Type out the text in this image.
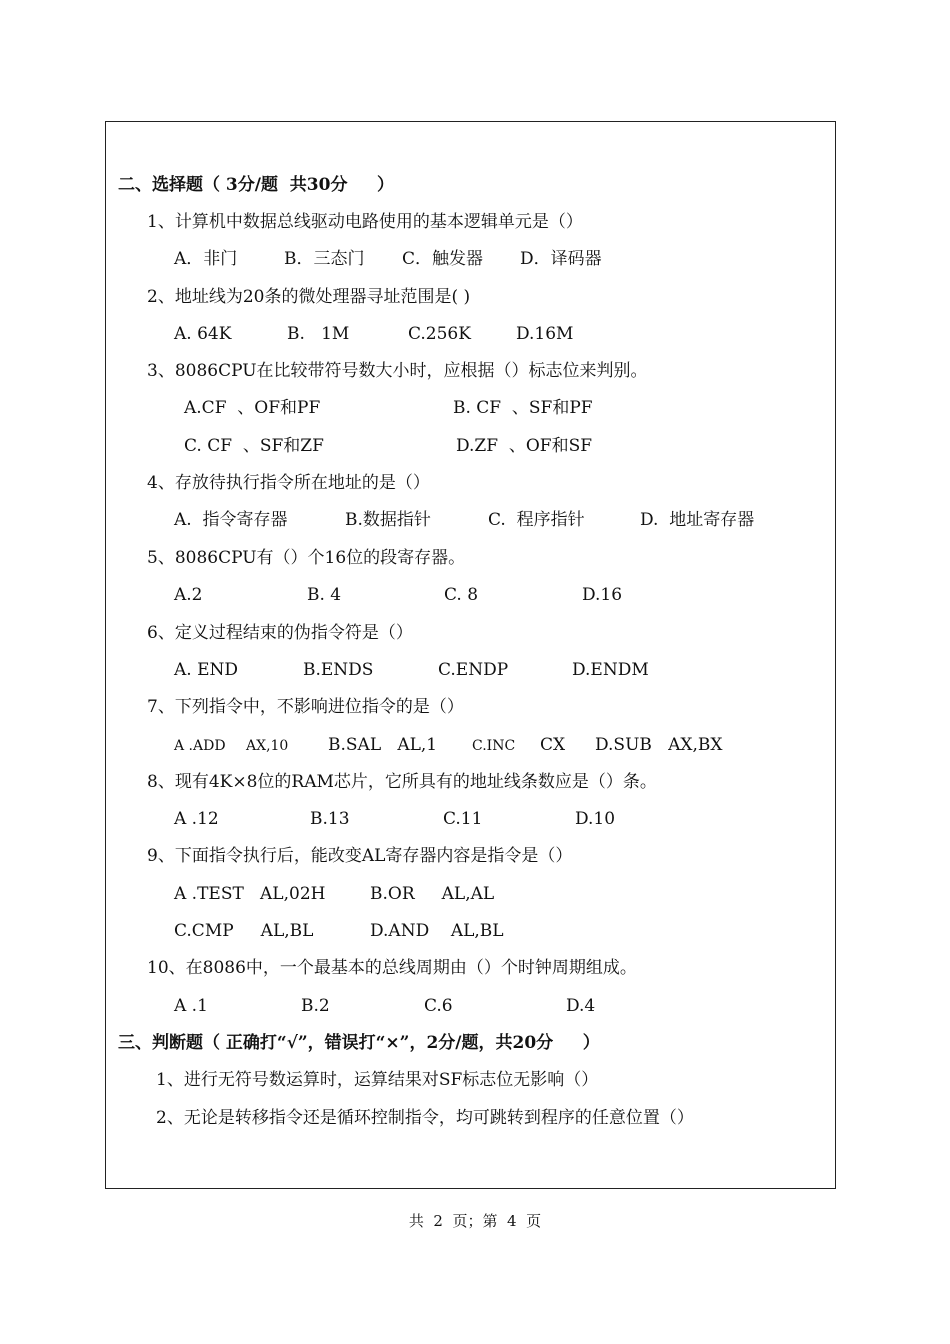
二、选择题（ 3分/题  共30分     ）
1、计算机中数据总线驱动电路使用的基本逻辑单元是（）
A．非门	B．三态门 C．触发器 D．译码器
2、地址线为20条的微处理器寻址范围是( )
A. 64K	B.   1M	C.256K	D.16M
3、8086CPU在比较带符号数大小时，应根据（）标志位来判别。
A.CF  、OF和PF	B. CF  、SF和PF
C. CF  、SF和ZF	D.ZF  、OF和SF
4、存放待执行指令所在地址的是（）
A.  指令寄存器	B.数据指针	C.  程序指针	D.  地址寄存器
5、8086CPU有（）个16位的段寄存器。
A.2	B. 4	C. 8	D.16
6、定义过程结束的伪指令符是（）
A. END	B.ENDS	C.ENDP	D.ENDM
7、下列指令中，不影响进位指令的是（）
A .ADD AX,10 B.SAL   AL,1 C.INC CX D.SUB   AX,BX
8、现有4K×8位的RAM芯片，它所具有的地址线条数应是（）条。
A .12	B.13	C.11	D.10
9、下面指令执行后，能改变AL寄存器内容是指令是（）
A .TEST   AL,02H	B.OR     AL,AL
C.CMP     AL,BL	D.AND    AL,BL
10、在8086中，一个最基本的总线周期由（）个时钟周期组成。
A .1	B.2	C.6	D.4
三、判断题（ 正确打“√”，错误打“×”，2分/题，共20分     ）
1、进行无符号数运算时，运算结果对SF标志位无影响（）
2、无论是转移指令还是循环控制指令，均可跳转到程序的任意位置（）
共  2  页；第  4  页
